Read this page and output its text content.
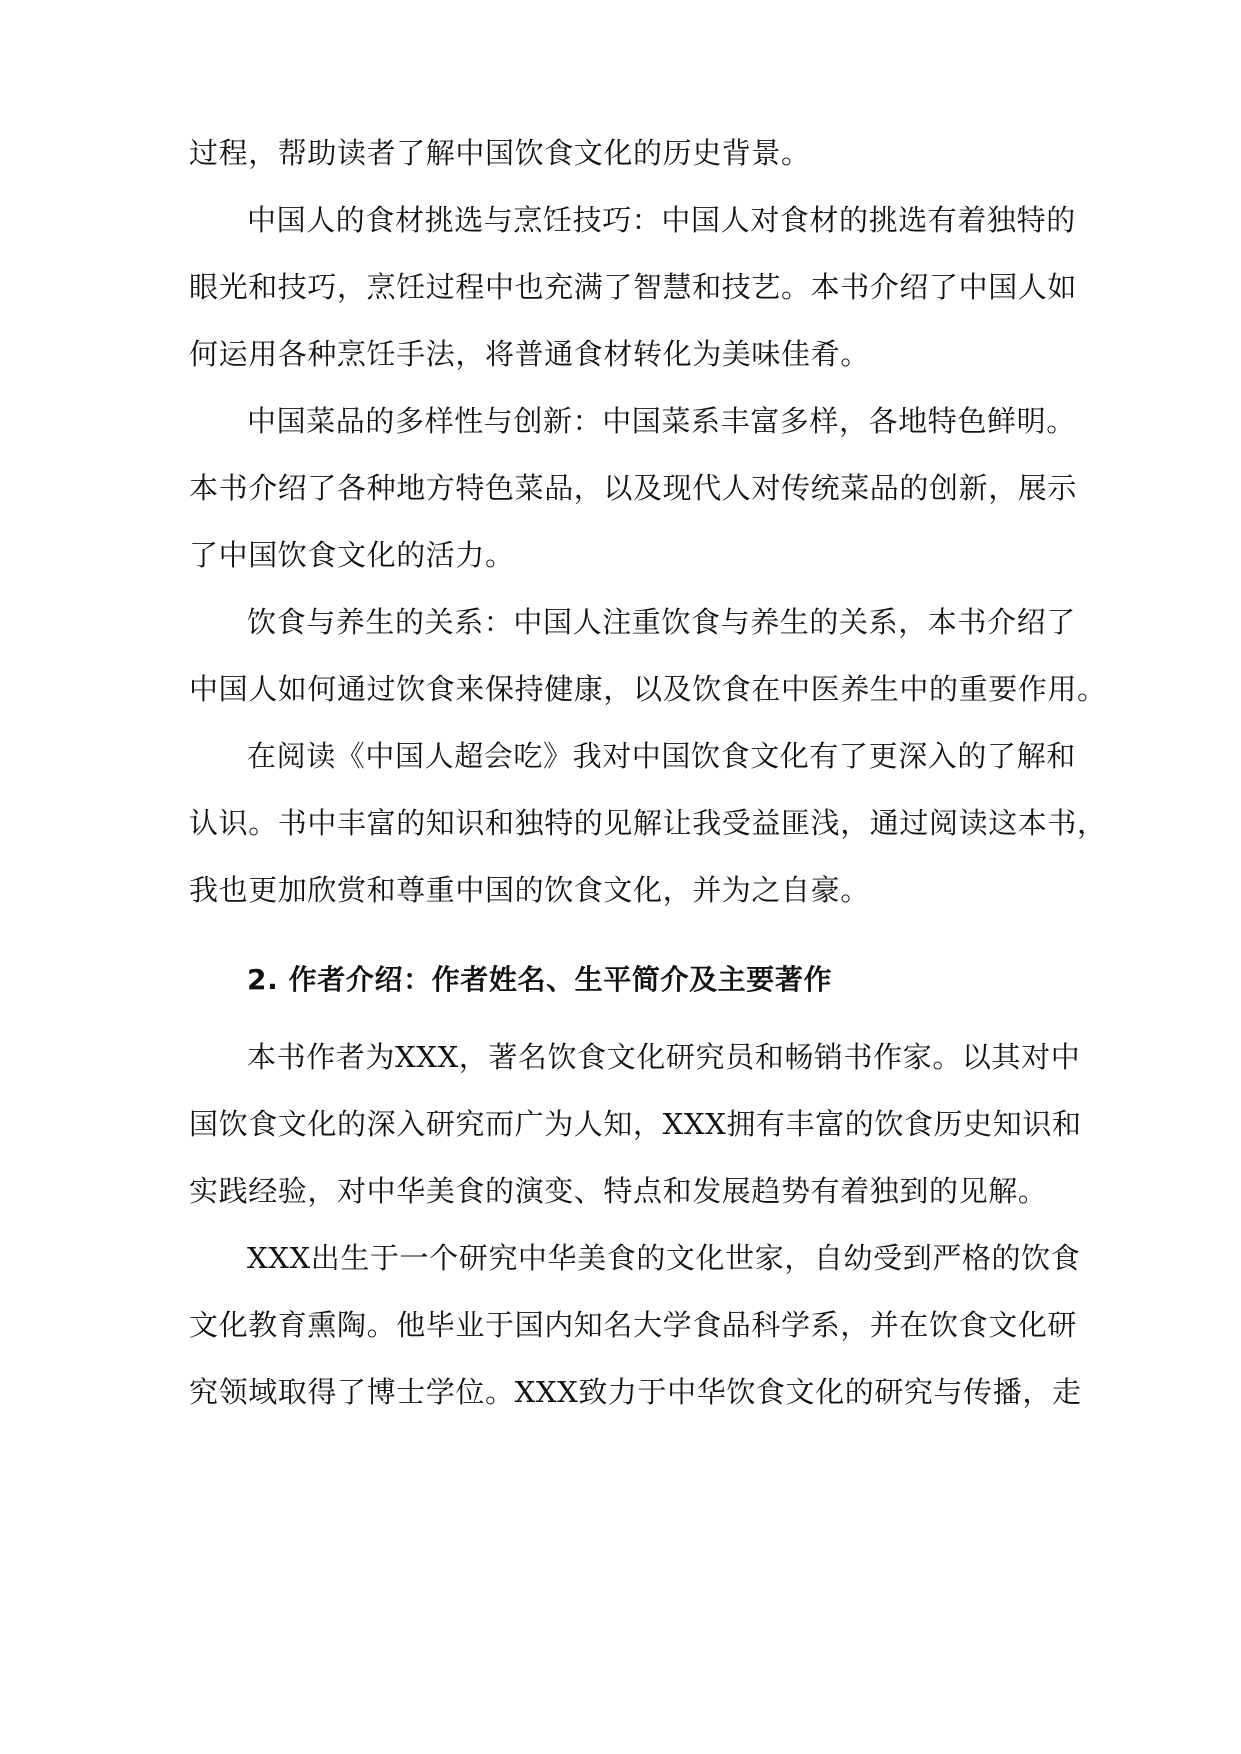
过程，帮助读者了解中国饮食文化的历史背景。
中国人的食材挑选与烹饪技巧：中国人对食材的挑选有着独特的
眼光和技巧，烹饪过程中也充满了智慧和技艺。本书介绍了中国人如
何运用各种烹饪手法，将普通食材转化为美味佳肴。
中国菜品的多样性与创新：中国菜系丰富多样，各地特色鲜明。
本书介绍了各种地方特色菜品，以及现代人对传统菜品的创新，展示
了中国饮食文化的活力。
饮食与养生的关系：中国人注重饮食与养生的关系，本书介绍了
中国人如何通过饮食来保持健康，以及饮食在中医养生中的重要作用。
在阅读《中国人超会吃》我对中国饮食文化有了更深入的了解和
认识。书中丰富的知识和独特的见解让我受益匪浅，通过阅读这本书，
我也更加欣赏和尊重中国的饮食文化，并为之自豪。
2. 作者介绍：作者姓名、生平简介及主要著作
本书作者为XXX，著名饮食文化研究员和畅销书作家。以其对中
国饮食文化的深入研究而广为人知，XXX拥有丰富的饮食历史知识和
实践经验，对中华美食的演变、特点和发展趋势有着独到的见解。
XXX出生于一个研究中华美食的文化世家，自幼受到严格的饮食
文化教育熏陶。他毕业于国内知名大学食品科学系，并在饮食文化研
究领域取得了博士学位。XXX致力于中华饮食文化的研究与传播，走
